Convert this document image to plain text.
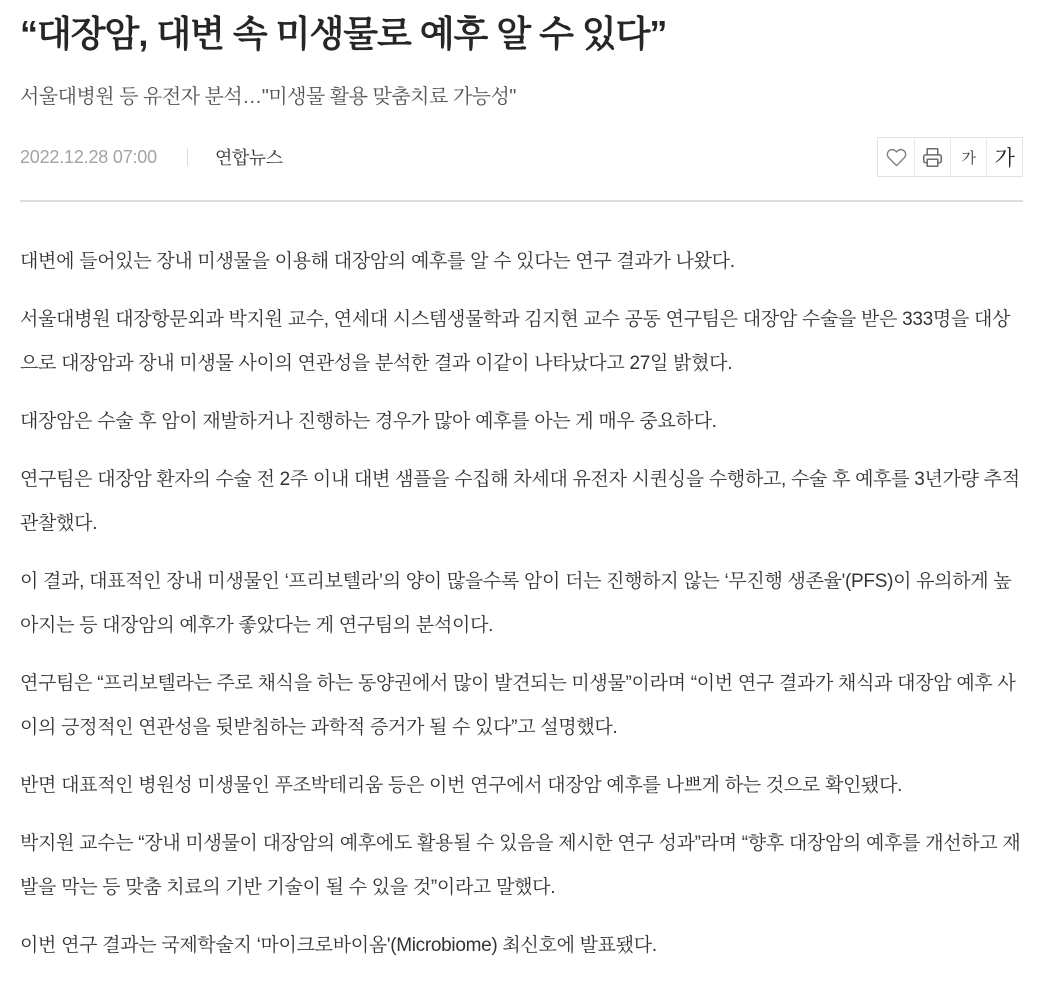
“대장암, 대변 속 미생물로 예후 알 수 있다”
서울대병원 등 유전자 분석…"미생물 활용 맞춤치료 가능성"
2022.12.28 07:00	연합뉴스	가 가

대변에 들어있는 장내 미생물을 이용해 대장암의 예후를 알 수 있다는 연구 결과가 나왔다.

서울대병원 대장항문외과 박지원 교수, 연세대 시스템생물학과 김지현 교수 공동 연구팀은 대장암 수술을 받은 333명을 대상으로 대장암과 장내 미생물 사이의 연관성을 분석한 결과 이같이 나타났다고 27일 밝혔다.

대장암은 수술 후 암이 재발하거나 진행하는 경우가 많아 예후를 아는 게 매우 중요하다.

연구팀은 대장암 환자의 수술 전 2주 이내 대변 샘플을 수집해 차세대 유전자 시퀀싱을 수행하고, 수술 후 예후를 3년가량 추적 관찰했다.

이 결과, 대표적인 장내 미생물인 ‘프리보텔라’의 양이 많을수록 암이 더는 진행하지 않는 ‘무진행 생존율'(PFS)이 유의하게 높아지는 등 대장암의 예후가 좋았다는 게 연구팀의 분석이다.

연구팀은 “프리보텔라는 주로 채식을 하는 동양권에서 많이 발견되는 미생물”이라며 “이번 연구 결과가 채식과 대장암 예후 사이의 긍정적인 연관성을 뒷받침하는 과학적 증거가 될 수 있다”고 설명했다.

반면 대표적인 병원성 미생물인 푸조박테리움 등은 이번 연구에서 대장암 예후를 나쁘게 하는 것으로 확인됐다.

박지원 교수는 “장내 미생물이 대장암의 예후에도 활용될 수 있음을 제시한 연구 성과”라며 “향후 대장암의 예후를 개선하고 재발을 막는 등 맞춤 치료의 기반 기술이 될 수 있을 것”이라고 말했다.

이번 연구 결과는 국제학술지 ‘마이크로바이옴'(Microbiome) 최신호에 발표됐다.
